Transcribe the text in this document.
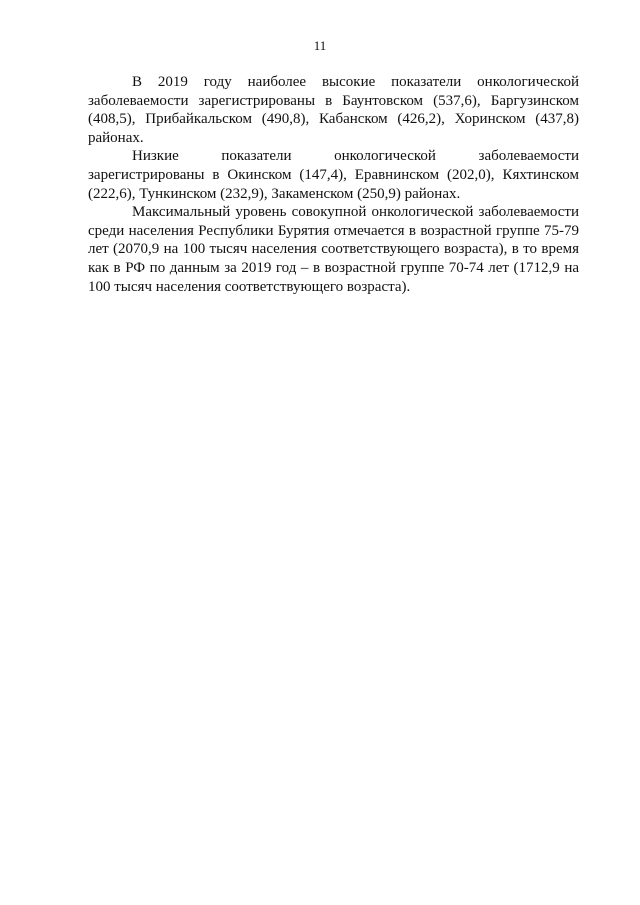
11

В 2019 году наиболее высокие показатели онкологической заболеваемости зарегистрированы в Баунтовском (537,6), Баргузинском (408,5), Прибайкальском (490,8), Кабанском (426,2), Хоринском (437,8) районах.

Низкие показатели онкологической заболеваемости зарегистрированы в Окинском (147,4), Еравнинском (202,0), Кяхтинском (222,6), Тункинском (232,9), Закаменском (250,9) районах.

Максимальный уровень совокупной онкологической заболеваемости среди населения Республики Бурятия отмечается в возрастной группе 75-79 лет (2070,9 на 100 тысяч населения соответствующего возраста), в то время как в РФ по данным за 2019 год – в возрастной группе 70-74 лет (1712,9 на 100 тысяч населения соответствующего возраста).
